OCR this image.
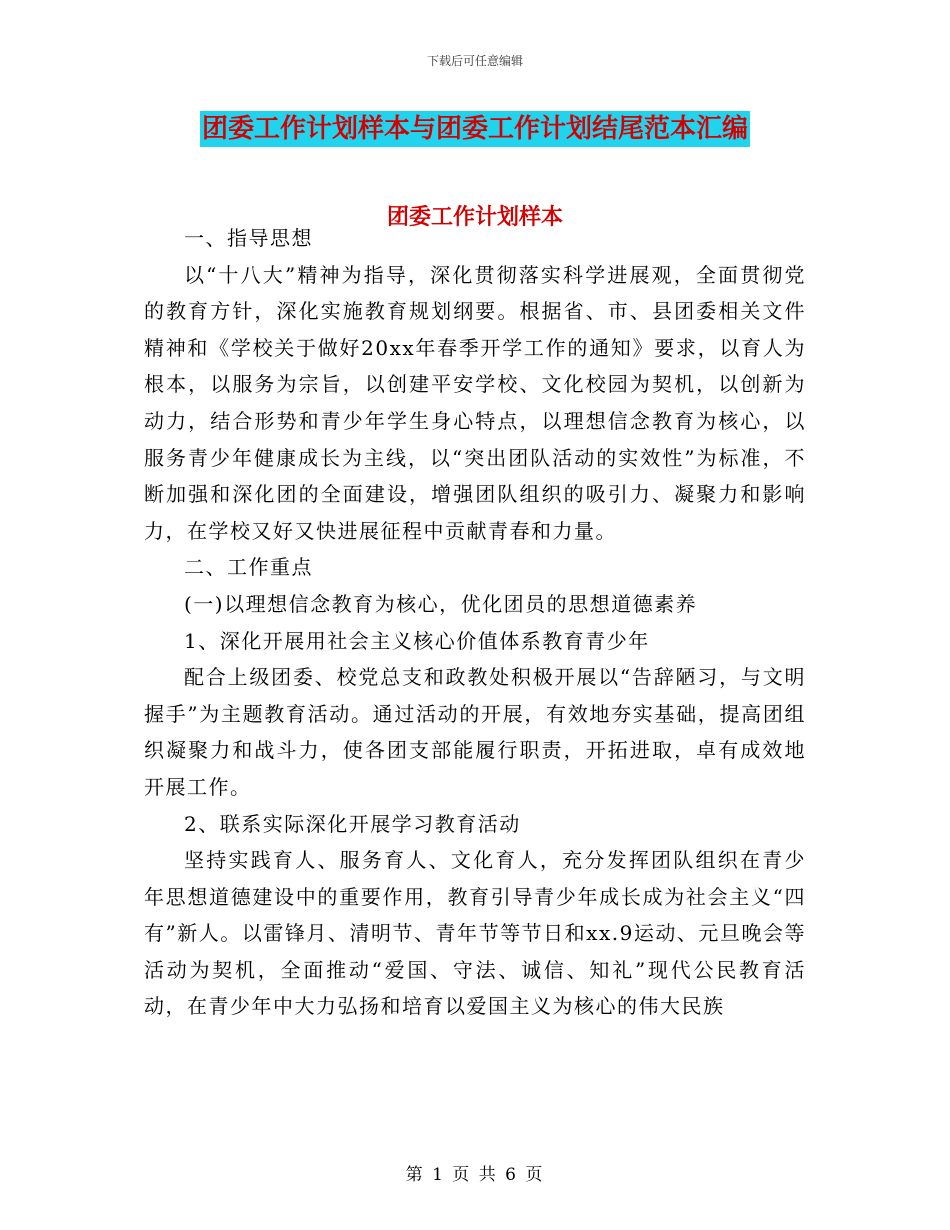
下载后可任意编辑
团委工作计划样本与团委工作计划结尾范本汇编
团委工作计划样本

一、指导思想

以“十八大”精神为指导，深化贯彻落实科学进展观，全面贯彻党的教育方针，深化实施教育规划纲要。根据省、市、县团委相关文件精神和《学校关于做好20xx年春季开学工作的通知》要求，以育人为根本，以服务为宗旨，以创建平安学校、文化校园为契机，以创新为动力，结合形势和青少年学生身心特点，以理想信念教育为核心，以服务青少年健康成长为主线，以“突出团队活动的实效性”为标准，不断加强和深化团的全面建设，增强团队组织的吸引力、凝聚力和影响力，在学校又好又快进展征程中贡献青春和力量。

二、工作重点

(一)以理想信念教育为核心，优化团员的思想道德素养

1、深化开展用社会主义核心价值体系教育青少年

配合上级团委、校党总支和政教处积极开展以“告辞陋习，与文明握手”为主题教育活动。通过活动的开展，有效地夯实基础，提高团组织凝聚力和战斗力，使各团支部能履行职责，开拓进取，卓有成效地开展工作。

2、联系实际深化开展学习教育活动

坚持实践育人、服务育人、文化育人，充分发挥团队组织在青少年思想道德建设中的重要作用，教育引导青少年成长成为社会主义“四有”新人。以雷锋月、清明节、青年节等节日和xx.9运动、元旦晚会等活动为契机，全面推动“爱国、守法、诚信、知礼”现代公民教育活动，在青少年中大力弘扬和培育以爱国主义为核心的伟大民族

第 1 页 共 6 页
